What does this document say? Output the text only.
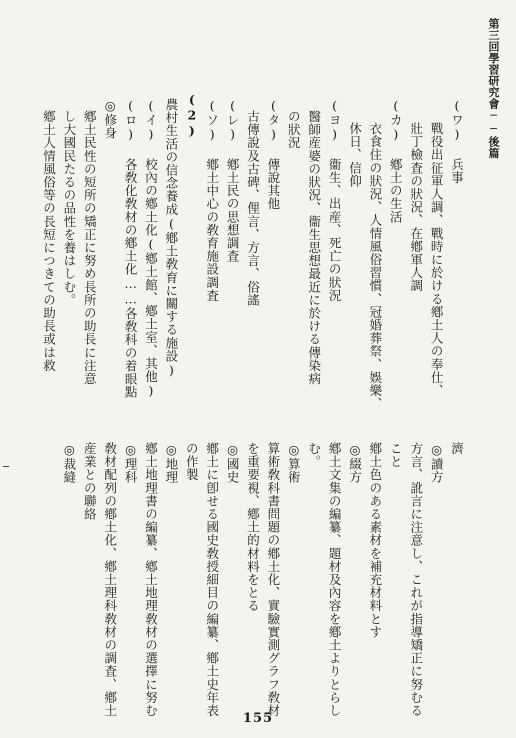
第三回學習研究會──後篇
(ワ) 兵事
戰役出征軍人調、戰時に於ける鄕土人の奉仕、
壯丁檢査の狀況、在鄕軍人調
(カ) 鄕土の生活
衣食住の狀況、人情風俗習慣、冠婚葬祭、娛樂、
休日、信仰
(ヨ) 衞生、出産、死亡の狀況
醫師産婆の狀況、衞生思想最近に於ける傳染病
の狀況
(タ) 傳說其他
古傳說及古碑、俚言、方言、俗謠
(レ) 鄕土民の思想調査
(ソ) 鄕土中心の敎育施設調査
(2)
農村生活の信念養成(鄕土敎育に關する施設)
(イ) 校內の鄕土化(鄕土館、鄕土室、其他)
(ロ) 各敎化敎材の鄕土化……各敎科の着眼點
◎修身
鄕土民性の短所の矯正に努め長所の助長に注意
し大國民たるの品性を養はしむ。
鄕土人情風俗等の長短につきての助長或は救
濟
◎讀方
方言、訛言に注意し、これが指導矯正に努むる
こと
鄕土色のある素材を補充材料とす
◎綴方
鄕土文集の編纂、題材及內容を鄕土よりとらし
む。
◎算術
算術敎科書問題の鄕土化、實驗實測グラフ敎材
を重要視、鄕土的材料をとる
◎國史
鄕土に卽せる國史敎授細目の編纂、鄕土史年表
の作製
◎地理
鄕土地理書の編纂、鄕土地理敎材の選擇に努む
◎理科
敎材配列の鄕土化、鄕土理科敎材の調査、鄕土
産業との聯絡
◎裁縫
155
